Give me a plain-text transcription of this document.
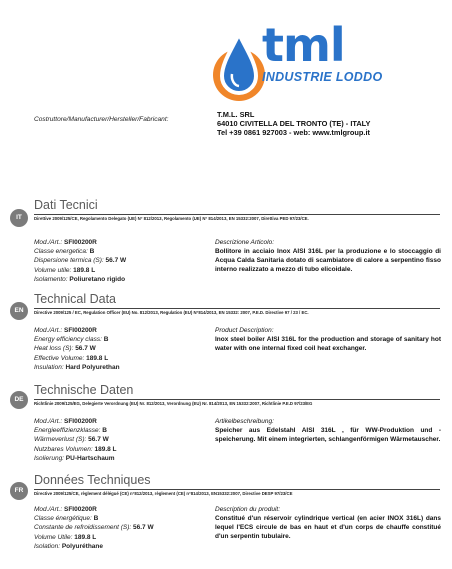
tml
INDUSTRIE LODDO
Costruttore/Manufacturer/Hersteller/Fabricant:
T.M.L. SRL
64010 CIVITELLA DEL TRONTO (TE) - ITALY
Tel +39 0861 927003 - web: www.tmlgroup.it
IT
Dati Tecnici
Direttive 2009/125/CE, Regolamento Delegato (UE) N° 812/2013, Regolamento (UE) N° 814/2013, EN 15332:2007, Direttiva PED 97/23/CE.
Mod./Art.: SFI00200R
Classe energetica: B
Dispersione termica (S): 56.7 W
Volume utile: 189.8 L
Isolamento: Poliuretano rigido
Descrizione Articolo:
Bollitore in acciaio Inox AISI 316L per la produzione e lo stoccaggio di Acqua Calda Sanitaria dotato di scambiatore di calore a serpentino fisso interno realizzato a mezzo di tubo elicoidale.
EN
Technical Data
Directive 2009/125 / EC, Regulation Officer (EU) No. 812/2013, Regulation (EU) N°814/2013, EN 15332: 2007, P.E.D. Directive 97 / 23 / EC.
Mod./Art.: SFI00200R
Energy efficiency class: B
Heat loss (S): 56.7 W
Effective Volume: 189.8 L
Insulation: Hard Polyurethan
Product Description:
Inox steel boiler AISI 316L for the production and storage of sanitary hot water with one internal fixed coil heat exchanger.
DE
Technische Daten
Richtlinie 2009/125/EG, Delegierte Verordnung (EU) Nr. 812/2013, Verordnung (EU) Nr. 814/2013, EN 15332:2007, Richtlinie P.E.D 97/23/EG
Mod./Art.: SFI00200R
Energieeffizienzklasse: B
Wärmeverlust (S): 56.7 W
Nutzbares Volumen: 189.8 L
Isolierung: PU-Hartschaum
Artikelbeschreibung:
Speicher aus Edelstahl AISI 316L , für WW-Produktion und - speicherung. Mit einem integrierten, schlangenförmigen Wärmetauscher.
FR
Données Techniques
Directive 2009/125/CE, règlement délégué (CE) n°812/2013, règlement (CE) n°814/2013, EN15332:2007, Directive DESP 97/23/CE
Mod./Art.: SFI00200R
Classe énergétique: B
Constante de refroidissement (S): 56.7 W
Volume Utile: 189.8 L
Isolation: Polyuréthane
Description du produit:
Constitué d'un réservoir cylindrique vertical (en acier INOX 316L) dans lequel l'ECS circule de bas en haut et d'un corps de chauffe constitué d'un serpentin tubulaire.
